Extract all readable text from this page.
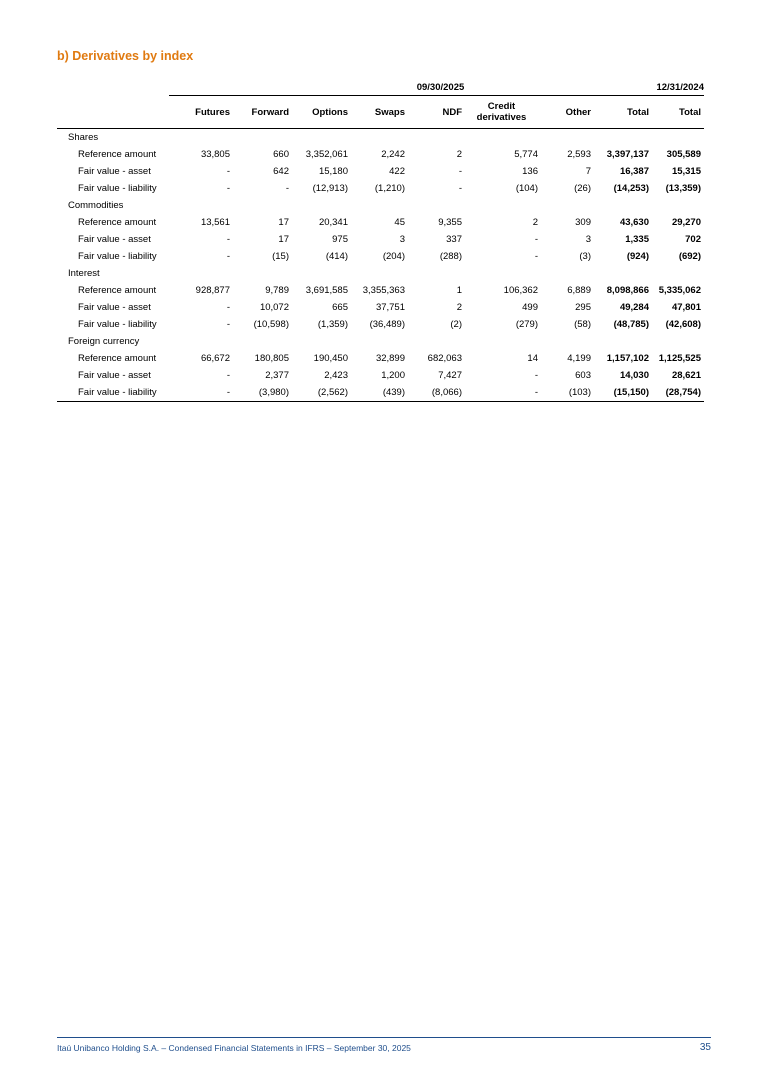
b) Derivatives by index
	09/30/2025								12/31/2024
	Futures	Forward	Options	Swaps	NDF	Credit derivatives	Other	Total	Total
Shares									
Reference amount	33,805	660	3,352,061	2,242	2	5,774	2,593	3,397,137	305,589
Fair value - asset	-	642	15,180	422	-	136	7	16,387	15,315
Fair value - liability	-	-	(12,913)	(1,210)	-	(104)	(26)	(14,253)	(13,359)
Commodities									
Reference amount	13,561	17	20,341	45	9,355	2	309	43,630	29,270
Fair value - asset	-	17	975	3	337	-	3	1,335	702
Fair value - liability	-	(15)	(414)	(204)	(288)	-	(3)	(924)	(692)
Interest									
Reference amount	928,877	9,789	3,691,585	3,355,363	1	106,362	6,889	8,098,866	5,335,062
Fair value - asset	-	10,072	665	37,751	2	499	295	49,284	47,801
Fair value - liability	-	(10,598)	(1,359)	(36,489)	(2)	(279)	(58)	(48,785)	(42,608)
Foreign currency									
Reference amount	66,672	180,805	190,450	32,899	682,063	14	4,199	1,157,102	1,125,525
Fair value - asset	-	2,377	2,423	1,200	7,427	-	603	14,030	28,621
Fair value - liability	-	(3,980)	(2,562)	(439)	(8,066)	-	(103)	(15,150)	(28,754)
Itaú Unibanco Holding S.A. – Condensed Financial Statements in IFRS – September 30, 2025	35
